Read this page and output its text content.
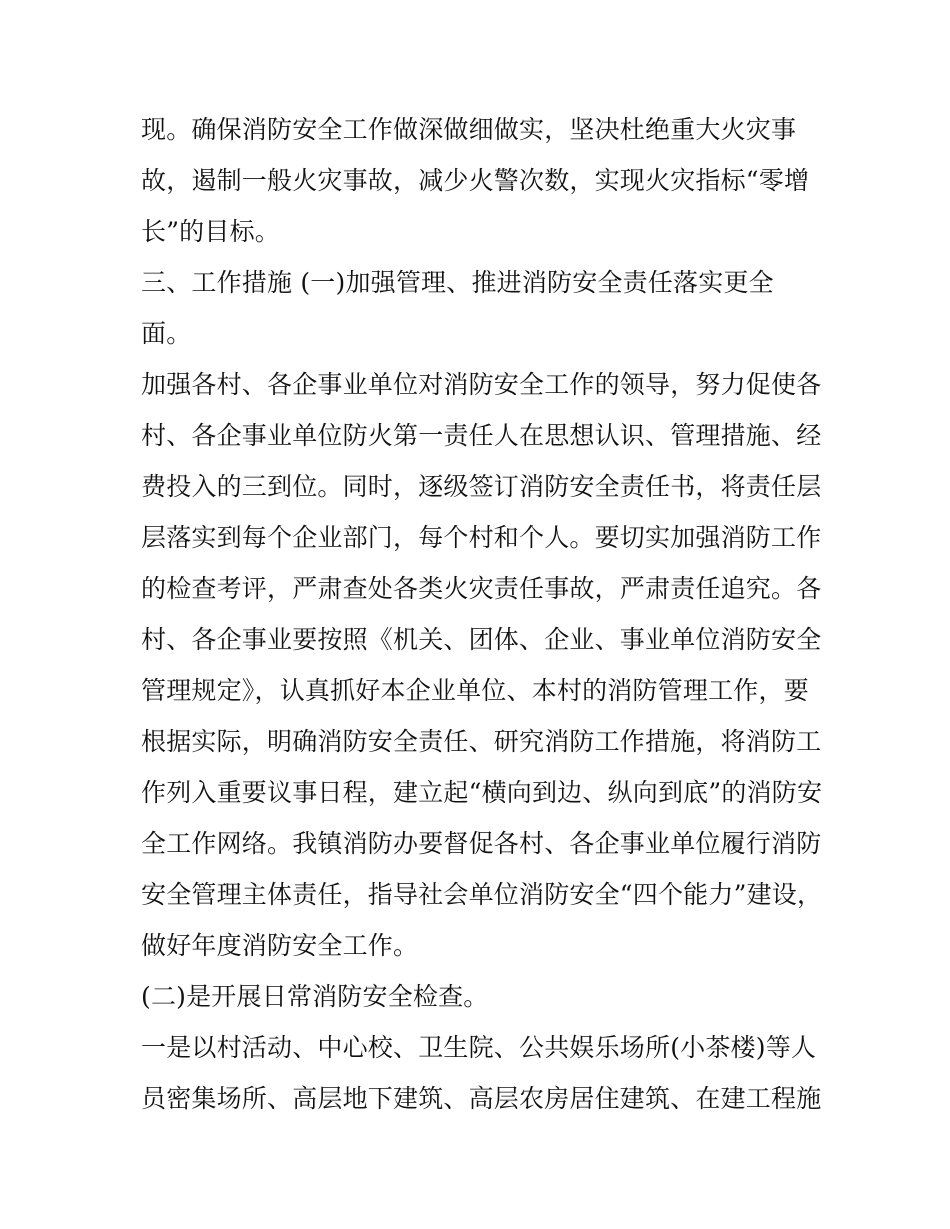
现。确保消防安全工作做深做细做实，坚决杜绝重大火灾事
故，遏制一般火灾事故，减少火警次数，实现火灾指标“零增
长”的目标。
三、工作措施 (一)加强管理、推进消防安全责任落实更全
面。
加强各村、各企事业单位对消防安全工作的领导，努力促使各
村、各企事业单位防火第一责任人在思想认识、管理措施、经
费投入的三到位。同时，逐级签订消防安全责任书，将责任层
层落实到每个企业部门，每个村和个人。要切实加强消防工作
的检查考评，严肃查处各类火灾责任事故，严肃责任追究。各
村、各企事业要按照《机关、团体、企业、事业单位消防安全
管理规定》，认真抓好本企业单位、本村的消防管理工作，要
根据实际，明确消防安全责任、研究消防工作措施，将消防工
作列入重要议事日程，建立起“横向到边、纵向到底”的消防安
全工作网络。我镇消防办要督促各村、各企事业单位履行消防
安全管理主体责任，指导社会单位消防安全“四个能力”建设，
做好年度消防安全工作。
(二)是开展日常消防安全检查。
一是以村活动、中心校、卫生院、公共娱乐场所(小茶楼)等人
员密集场所、高层地下建筑、高层农房居住建筑、在建工程施
